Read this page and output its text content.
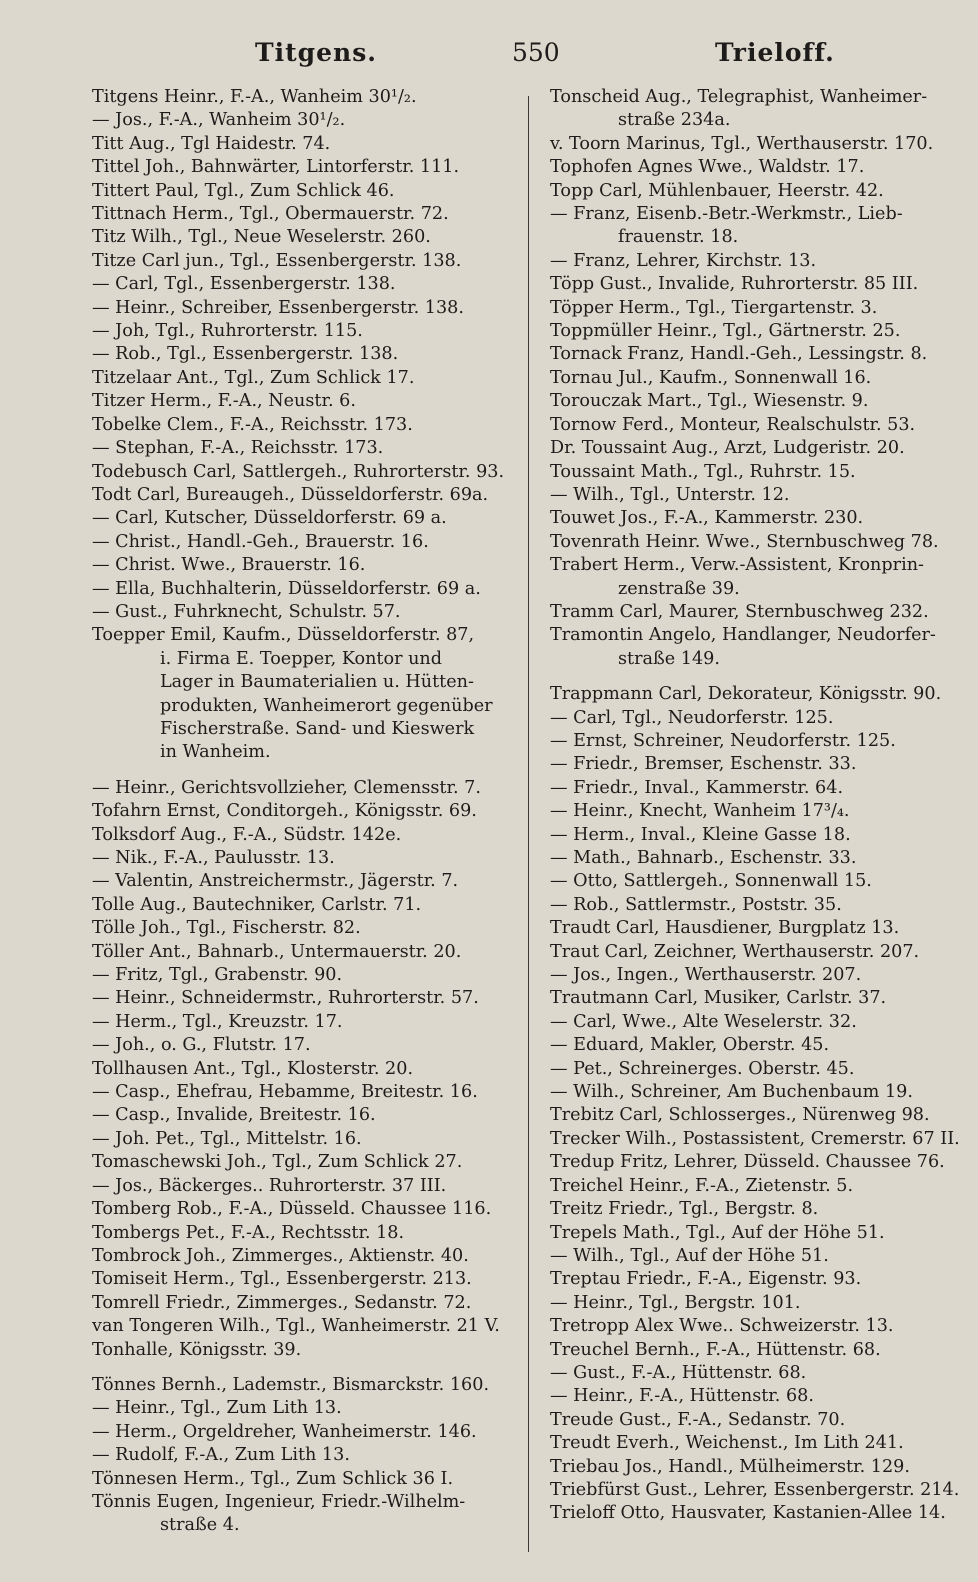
Titgens.	550	Trieloff.
Titgens Heinr., F.-A., Wanheim 30¹/₂.
— Jos., F.-A., Wanheim 30¹/₂.
Titt Aug., Tgl Haidestr. 74.
Tittel Joh., Bahnwärter, Lintorferstr. 111.
Tittert Paul, Tgl., Zum Schlick 46.
Tittnach Herm., Tgl., Obermauerstr. 72.
Titz Wilh., Tgl., Neue Weselerstr. 260.
Titze Carl jun., Tgl., Essenbergerstr. 138.
— Carl, Tgl., Essenbergerstr. 138.
— Heinr., Schreiber, Essenbergerstr. 138.
— Joh, Tgl., Ruhrorterstr. 115.
— Rob., Tgl., Essenbergerstr. 138.
Titzelaar Ant., Tgl., Zum Schlick 17.
Titzer Herm., F.-A., Neustr. 6.
Tobelke Clem., F.-A., Reichsstr. 173.
— Stephan, F.-A., Reichsstr. 173.
Todebusch Carl, Sattlergeh., Ruhrorterstr. 93.
Todt Carl, Bureaugeh., Düsseldorferstr. 69a.
— Carl, Kutscher, Düsseldorferstr. 69 a.
— Christ., Handl.-Geh., Brauerstr. 16.
— Christ. Wwe., Brauerstr. 16.
— Ella, Buchhalterin, Düsseldorferstr. 69 a.
— Gust., Fuhrknecht, Schulstr. 57.
Toepper Emil, Kaufm., Düsseldorferstr. 87,
i. Firma E. Toepper, Kontor und
Lager in Baumaterialien u. Hütten-
produkten, Wanheimerort gegenüber
Fischerstraße. Sand- und Kieswerk
in Wanheim.
— Heinr., Gerichtsvollzieher, Clemensstr. 7.
Tofahrn Ernst, Conditorgeh., Königsstr. 69.
Tolksdorf Aug., F.-A., Südstr. 142e.
— Nik., F.-A., Paulusstr. 13.
— Valentin, Anstreichermstr., Jägerstr. 7.
Tolle Aug., Bautechniker, Carlstr. 71.
Tölle Joh., Tgl., Fischerstr. 82.
Töller Ant., Bahnarb., Untermauerstr. 20.
— Fritz, Tgl., Grabenstr. 90.
— Heinr., Schneidermstr., Ruhrorterstr. 57.
— Herm., Tgl., Kreuzstr. 17.
— Joh., o. G., Flutstr. 17.
Tollhausen Ant., Tgl., Klosterstr. 20.
— Casp., Ehefrau, Hebamme, Breitestr. 16.
— Casp., Invalide, Breitestr. 16.
— Joh. Pet., Tgl., Mittelstr. 16.
Tomaschewski Joh., Tgl., Zum Schlick 27.
— Jos., Bäckerges.. Ruhrorterstr. 37 III.
Tomberg Rob., F.-A., Düsseld. Chaussee 116.
Tombergs Pet., F.-A., Rechtsstr. 18.
Tombrock Joh., Zimmerges., Aktienstr. 40.
Tomiseit Herm., Tgl., Essenbergerstr. 213.
Tomrell Friedr., Zimmerges., Sedanstr. 72.
van Tongeren Wilh., Tgl., Wanheimerstr. 21 V.
Tonhalle, Königsstr. 39.
Tönnes Bernh., Lademstr., Bismarckstr. 160.
— Heinr., Tgl., Zum Lith 13.
— Herm., Orgeldreher, Wanheimerstr. 146.
— Rudolf, F.-A., Zum Lith 13.
Tönnesen Herm., Tgl., Zum Schlick 36 I.
Tönnis Eugen, Ingenieur, Friedr.-Wilhelm-
straße 4.
Tonscheid Aug., Telegraphist, Wanheimer-
straße 234a.
v. Toorn Marinus, Tgl., Werthauserstr. 170.
Tophofen Agnes Wwe., Waldstr. 17.
Topp Carl, Mühlenbauer, Heerstr. 42.
— Franz, Eisenb.-Betr.-Werkmstr., Lieb-
frauenstr. 18.
— Franz, Lehrer, Kirchstr. 13.
Töpp Gust., Invalide, Ruhrorterstr. 85 III.
Töpper Herm., Tgl., Tiergartenstr. 3.
Toppmüller Heinr., Tgl., Gärtnerstr. 25.
Tornack Franz, Handl.-Geh., Lessingstr. 8.
Tornau Jul., Kaufm., Sonnenwall 16.
Torouczak Mart., Tgl., Wiesenstr. 9.
Tornow Ferd., Monteur, Realschulstr. 53.
Dr. Toussaint Aug., Arzt, Ludgeristr. 20.
Toussaint Math., Tgl., Ruhrstr. 15.
— Wilh., Tgl., Unterstr. 12.
Touwet Jos., F.-A., Kammerstr. 230.
Tovenrath Heinr. Wwe., Sternbuschweg 78.
Trabert Herm., Verw.-Assistent, Kronprin-
zenstraße 39.
Tramm Carl, Maurer, Sternbuschweg 232.
Tramontin Angelo, Handlanger, Neudorfer-
straße 149.
Trappmann Carl, Dekorateur, Königsstr. 90.
— Carl, Tgl., Neudorferstr. 125.
— Ernst, Schreiner, Neudorferstr. 125.
— Friedr., Bremser, Eschenstr. 33.
— Friedr., Inval., Kammerstr. 64.
— Heinr., Knecht, Wanheim 17³/₄.
— Herm., Inval., Kleine Gasse 18.
— Math., Bahnarb., Eschenstr. 33.
— Otto, Sattlergeh., Sonnenwall 15.
— Rob., Sattlermstr., Poststr. 35.
Traudt Carl, Hausdiener, Burgplatz 13.
Traut Carl, Zeichner, Werthauserstr. 207.
— Jos., Ingen., Werthauserstr. 207.
Trautmann Carl, Musiker, Carlstr. 37.
— Carl, Wwe., Alte Weselerstr. 32.
— Eduard, Makler, Oberstr. 45.
— Pet., Schreinerges. Oberstr. 45.
— Wilh., Schreiner, Am Buchenbaum 19.
Trebitz Carl, Schlosserges., Nürenweg 98.
Trecker Wilh., Postassistent, Cremerstr. 67 II.
Tredup Fritz, Lehrer, Düsseld. Chaussee 76.
Treichel Heinr., F.-A., Zietenstr. 5.
Treitz Friedr., Tgl., Bergstr. 8.
Trepels Math., Tgl., Auf der Höhe 51.
— Wilh., Tgl., Auf der Höhe 51.
Treptau Friedr., F.-A., Eigenstr. 93.
— Heinr., Tgl., Bergstr. 101.
Tretropp Alex Wwe.. Schweizerstr. 13.
Treuchel Bernh., F.-A., Hüttenstr. 68.
— Gust., F.-A., Hüttenstr. 68.
— Heinr., F.-A., Hüttenstr. 68.
Treude Gust., F.-A., Sedanstr. 70.
Treudt Everh., Weichenst., Im Lith 241.
Triebau Jos., Handl., Mülheimerstr. 129.
Triebfürst Gust., Lehrer, Essenbergerstr. 214.
Trieloff Otto, Hausvater, Kastanien-Allee 14.
